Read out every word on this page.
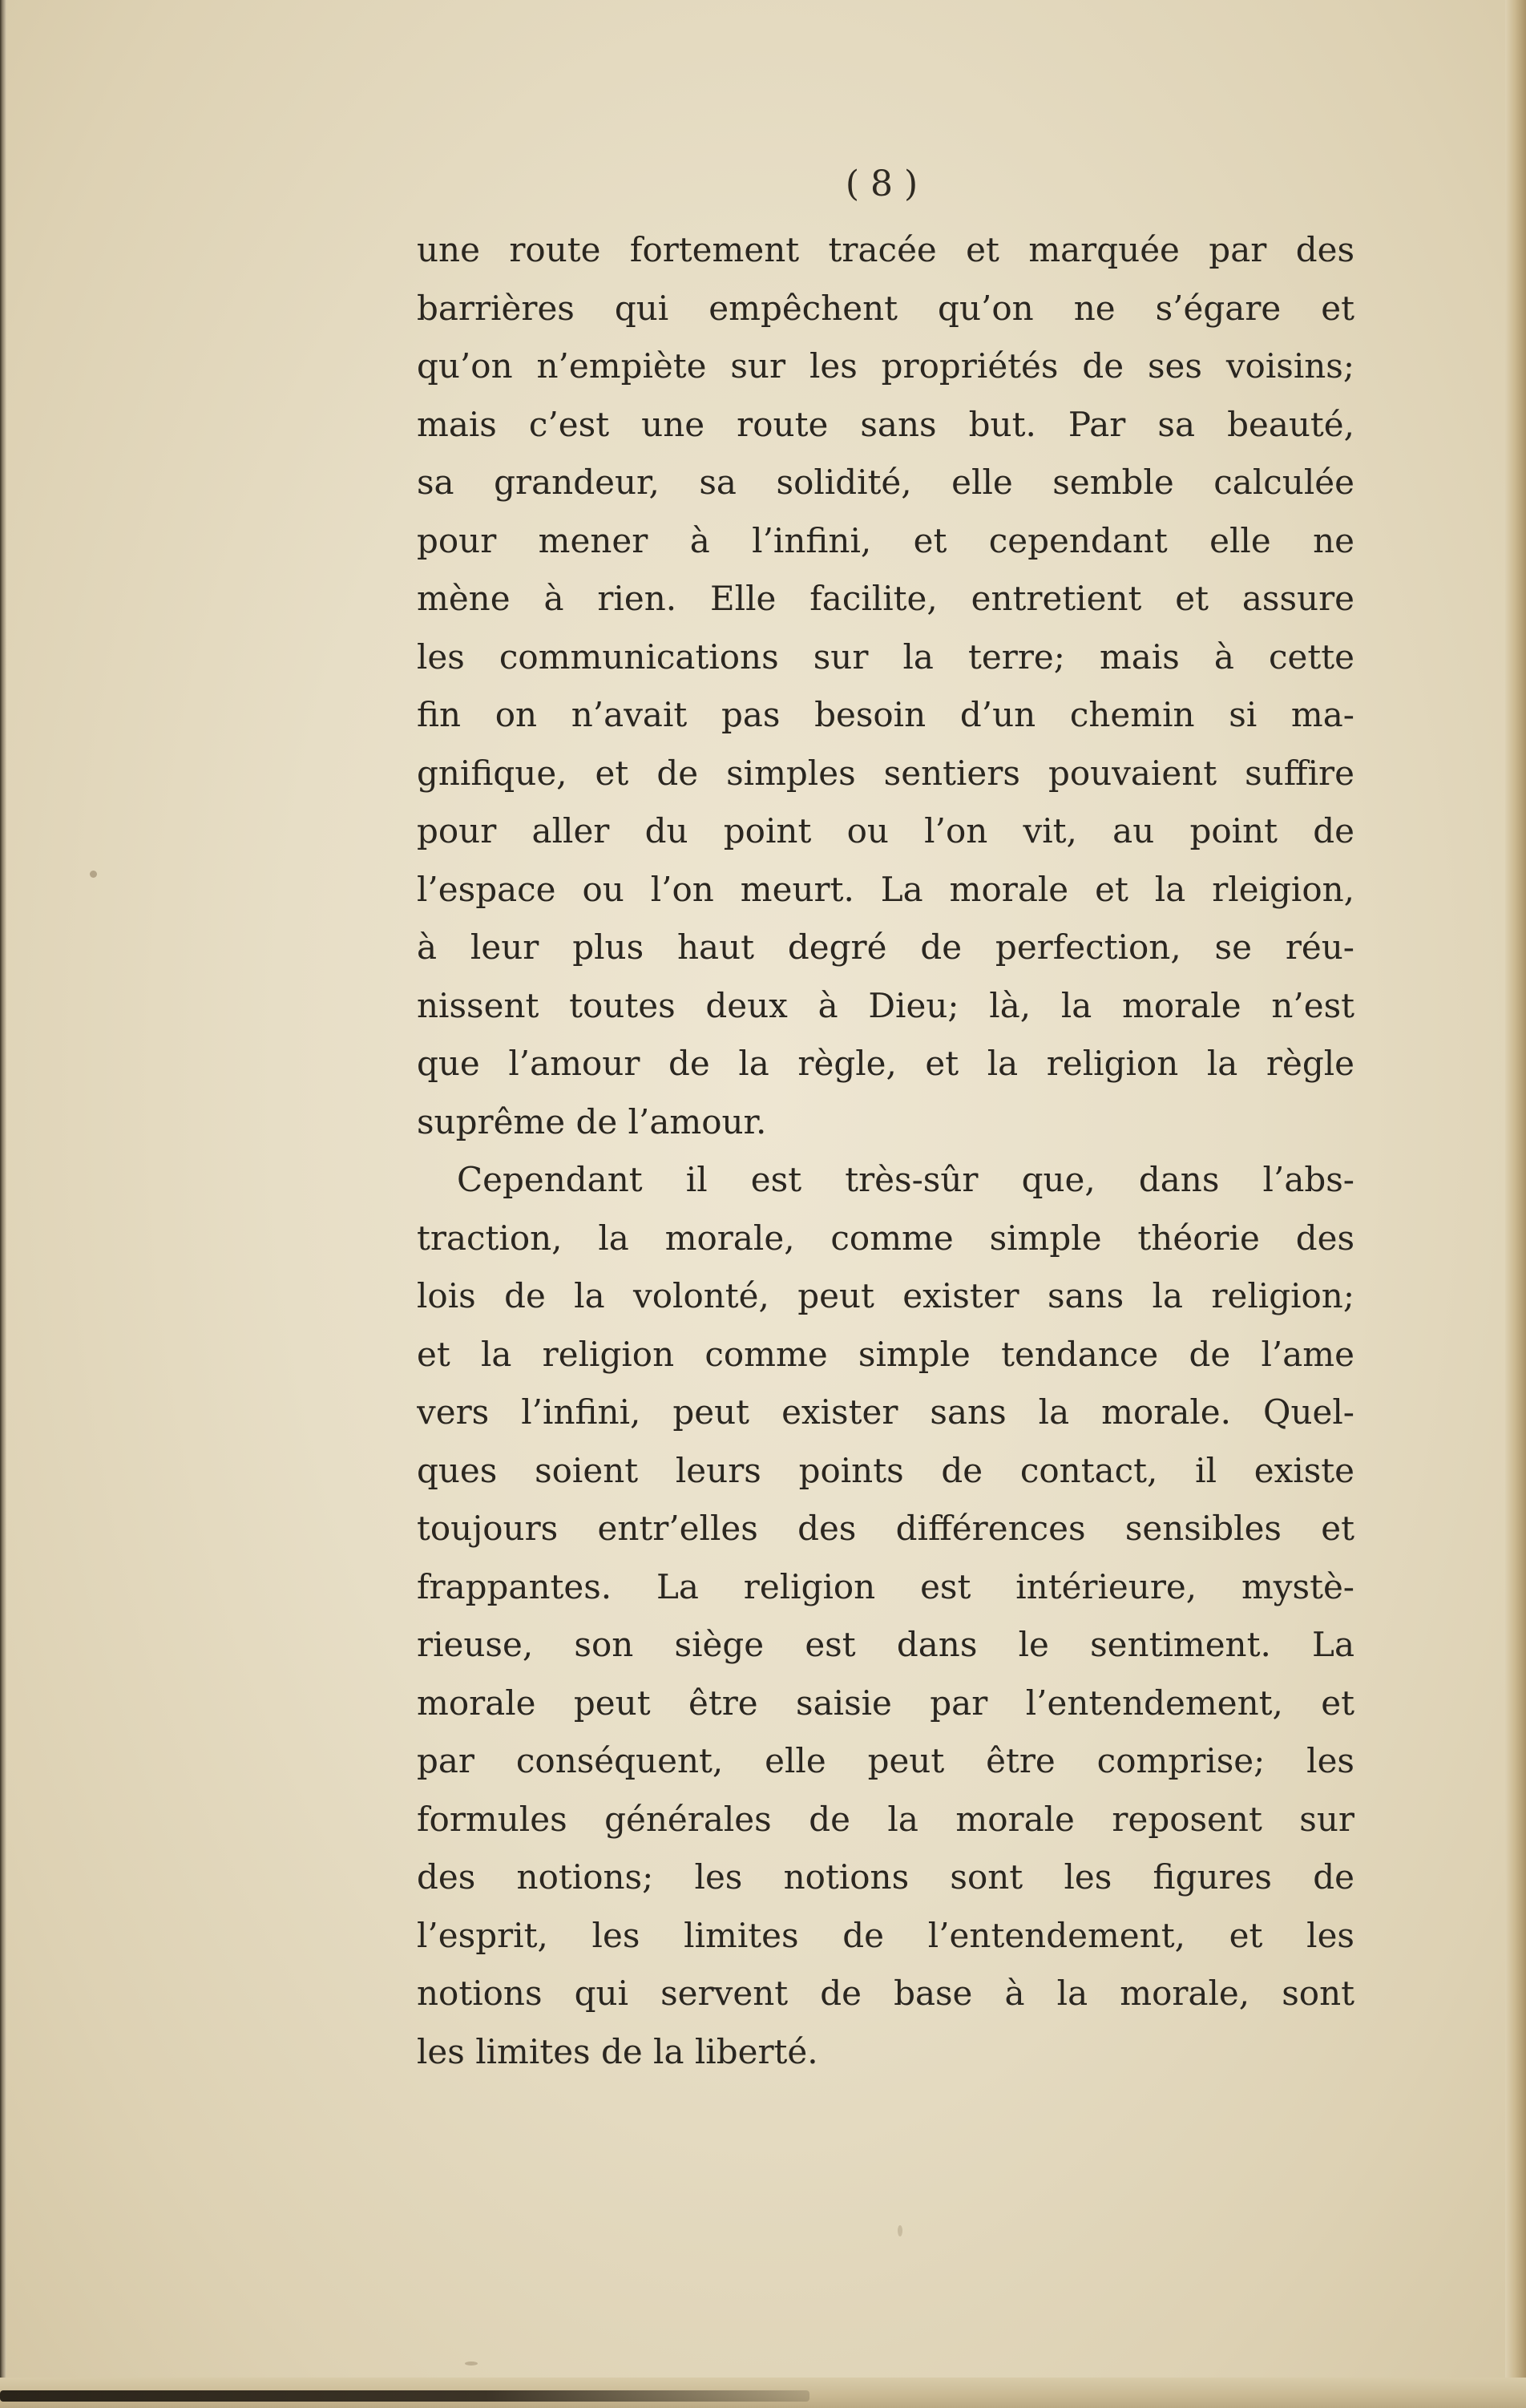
( 8 )
une route fortement tracée et marquée par des
barrières qui empêchent qu’on ne s’égare et
qu’on n’empiète sur les propriétés de ses voisins;
mais c’est une route sans but. Par sa beauté,
sa grandeur, sa solidité, elle semble calculée
pour mener à l’infini, et cependant elle ne
mène à rien. Elle facilite, entretient et assure
les communications sur la terre; mais à cette
fin on n’avait pas besoin d’un chemin si ma-
gnifique, et de simples sentiers pouvaient suffire
pour aller du point ou l’on vit, au point de
l’espace ou l’on meurt. La morale et la rleigion,
à leur plus haut degré de perfection, se réu-
nissent toutes deux à Dieu; là, la morale n’est
que l’amour de la règle, et la religion la règle
suprême de l’amour.
Cependant il est très-sûr que, dans l’abs-
traction, la morale, comme simple théorie des
lois de la volonté, peut exister sans la religion;
et la religion comme simple tendance de l’ame
vers l’infini, peut exister sans la morale. Quel-
ques soient leurs points de contact, il existe
toujours entr’elles des différences sensibles et
frappantes. La religion est intérieure, mystè-
rieuse, son siège est dans le sentiment. La
morale peut être saisie par l’entendement, et
par conséquent, elle peut être comprise; les
formules générales de la morale reposent sur
des notions; les notions sont les figures de
l’esprit, les limites de l’entendement, et les
notions qui servent de base à la morale, sont
les limites de la liberté.
